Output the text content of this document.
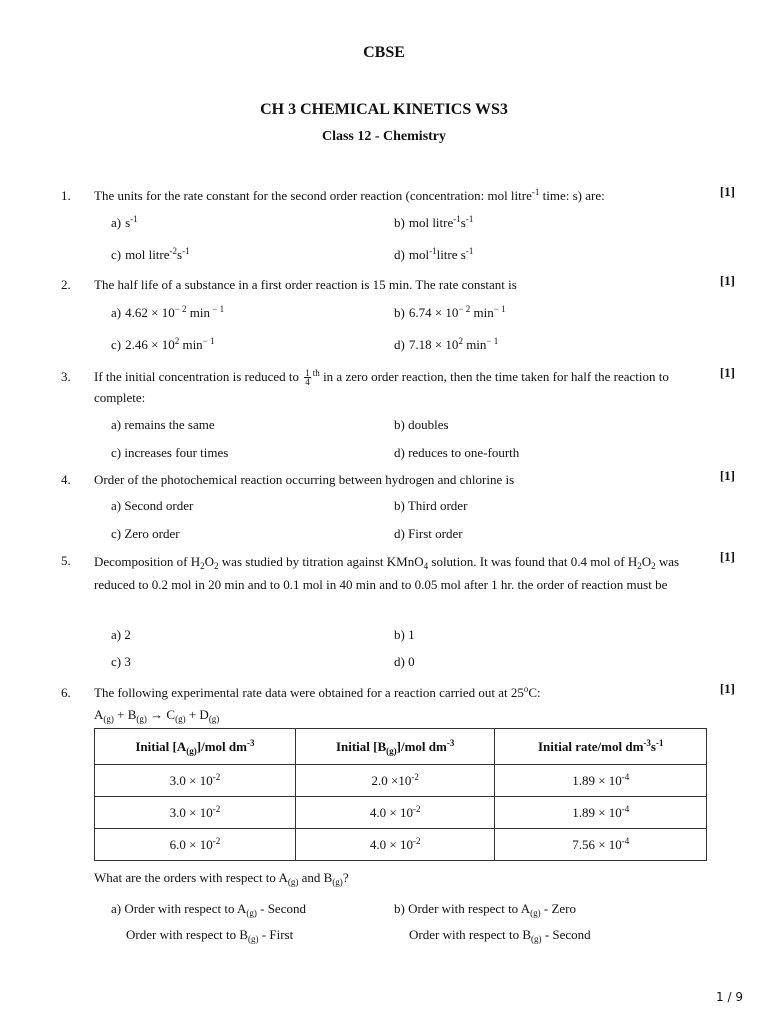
CBSE
CH 3 CHEMICAL KINETICS WS3
Class 12 - Chemistry
1. The units for the rate constant for the second order reaction (concentration: mol litre$^{-1}$ time: s) are:	[1]
a) $s^{-1}$	b) mol $litre^{-1}s^{-1}$
c) mol $litre^{-2}s^{-1}$	d) mol$^{-1}$litre $s^{-1}$
2. The half life of a substance in a first order reaction is 15 min. The rate constant is	[1]
a) $4.62 \times 10^{- 2}$ min $^{- 1}$	b) $6.74 \times 10^{- 2}$ $\min^{- 1}$
c) $2.46 \times 10^2$ $\min^{- 1}$	d) $7.18 \times 10^2$ $\min^{- 1}$
3. If the initial concentration is reduced to $\frac{1}{4} ^{th}$ in a zero order reaction, then the time taken for half the reaction to complete:
[1]
a) remains the same	b) doubles
c) increases four times	d) reduces to one-fourth
4. Order of the photochemical reaction occurring between hydrogen and chlorine is	[1]
a) Second order	b) Third order
c) Zero order	d) First order
5. Decomposition of $H_2O_2$ was studied by titration against KMnO$_4$ solution. It was found that 0.4 mol of $H_2O_2$ was reduced to 0.2 mol in 20 min and to 0.1 mol in 40 min and to 0.05 mol after 1 hr. the order of reaction must be
[1]
a) 2	b) 1
c) 3	d) 0
6. The following experimental rate data were obtained for a reaction carried out at 25$^o$C:	[1]
$A_{(g)} + B_{(g)} \to C_{(g)} + D_{(g)}$
Initial $[A_{(g)}]$/mol $dm^{-3}$	Initial $[B_{(g)}]$/mol $dm^{-3}$	Initial rate/mol $dm^{-3}s^{-1}$
$3.0 \times 10^{-2}$	$2.0 \times 10^{-2}$	$1.89 \times 10^{-4}$
$3.0 \times 10^{-2}$	$4.0 \times 10^{-2}$	$1.89 \times 10^{-4}$
$6.0 \times 10^{-2}$	$4.0 \times 10^{-2}$	$7.56 \times 10^{-4}$
What are the orders with respect to $A_{(g)}$ and $B_{(g)}$?
a) Order with respect to $A_{(g)}$ - Second
Order with respect to $B_{(g)}$ - First
b) Order with respect to $A_{(g)}$ - Zero
Order with respect to $B_{(g)}$ - Second
1 / 9
